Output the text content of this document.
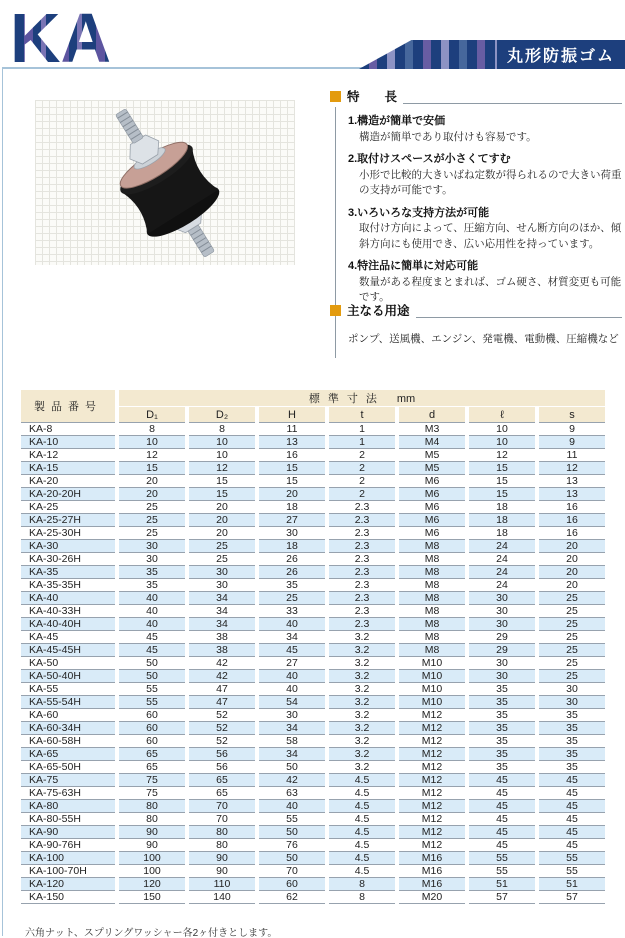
KA	丸形防振ゴム
特　　長
1.構造が簡単で安価
構造が簡単であり取付けも容易です。
2.取付けスペースが小さくてすむ
小形で比較的大きいばね定数が得られるので大きい荷重の支持が可能です。
3.いろいろな支持方法が可能
取付け方向によって、圧縮方向、せん断方向のほか、傾斜方向にも使用でき、広い応用性を持っています。
4.特注品に簡単に対応可能
数量がある程度まとまれば、ゴム硬さ、材質変更も可能です。
主なる用途
ポンプ、送風機、エンジン、発電機、電動機、圧縮機など
製品番号	標準寸法 mm						
	D₁	D₂	H	t	d	ℓ	s
KA-8	8	8	11	1	M3	10	9
KA-10	10	10	13	1	M4	10	9
KA-12	12	10	16	2	M5	12	11
KA-15	15	12	15	2	M5	15	12
KA-20	20	15	15	2	M6	15	13
KA-20-20H	20	15	20	2	M6	15	13
KA-25	25	20	18	2.3	M6	18	16
KA-25-27H	25	20	27	2.3	M6	18	16
KA-25-30H	25	20	30	2.3	M6	18	16
KA-30	30	25	18	2.3	M8	24	20
KA-30-26H	30	25	26	2.3	M8	24	20
KA-35	35	30	26	2.3	M8	24	20
KA-35-35H	35	30	35	2.3	M8	24	20
KA-40	40	34	25	2.3	M8	30	25
KA-40-33H	40	34	33	2.3	M8	30	25
KA-40-40H	40	34	40	2.3	M8	30	25
KA-45	45	38	34	3.2	M8	29	25
KA-45-45H	45	38	45	3.2	M8	29	25
KA-50	50	42	27	3.2	M10	30	25
KA-50-40H	50	42	40	3.2	M10	30	25
KA-55	55	47	40	3.2	M10	35	30
KA-55-54H	55	47	54	3.2	M10	35	30
KA-60	60	52	30	3.2	M12	35	35
KA-60-34H	60	52	34	3.2	M12	35	35
KA-60-58H	60	52	58	3.2	M12	35	35
KA-65	65	56	34	3.2	M12	35	35
KA-65-50H	65	56	50	3.2	M12	35	35
KA-75	75	65	42	4.5	M12	45	45
KA-75-63H	75	65	63	4.5	M12	45	45
KA-80	80	70	40	4.5	M12	45	45
KA-80-55H	80	70	55	4.5	M12	45	45
KA-90	90	80	50	4.5	M12	45	45
KA-90-76H	90	80	76	4.5	M12	45	45
KA-100	100	90	50	4.5	M16	55	55
KA-100-70H	100	90	70	4.5	M16	55	55
KA-120	120	110	60	8	M16	51	51
KA-150	150	140	62	8	M20	57	57
六角ナット、スプリングワッシャー各2ヶ付きとします。
